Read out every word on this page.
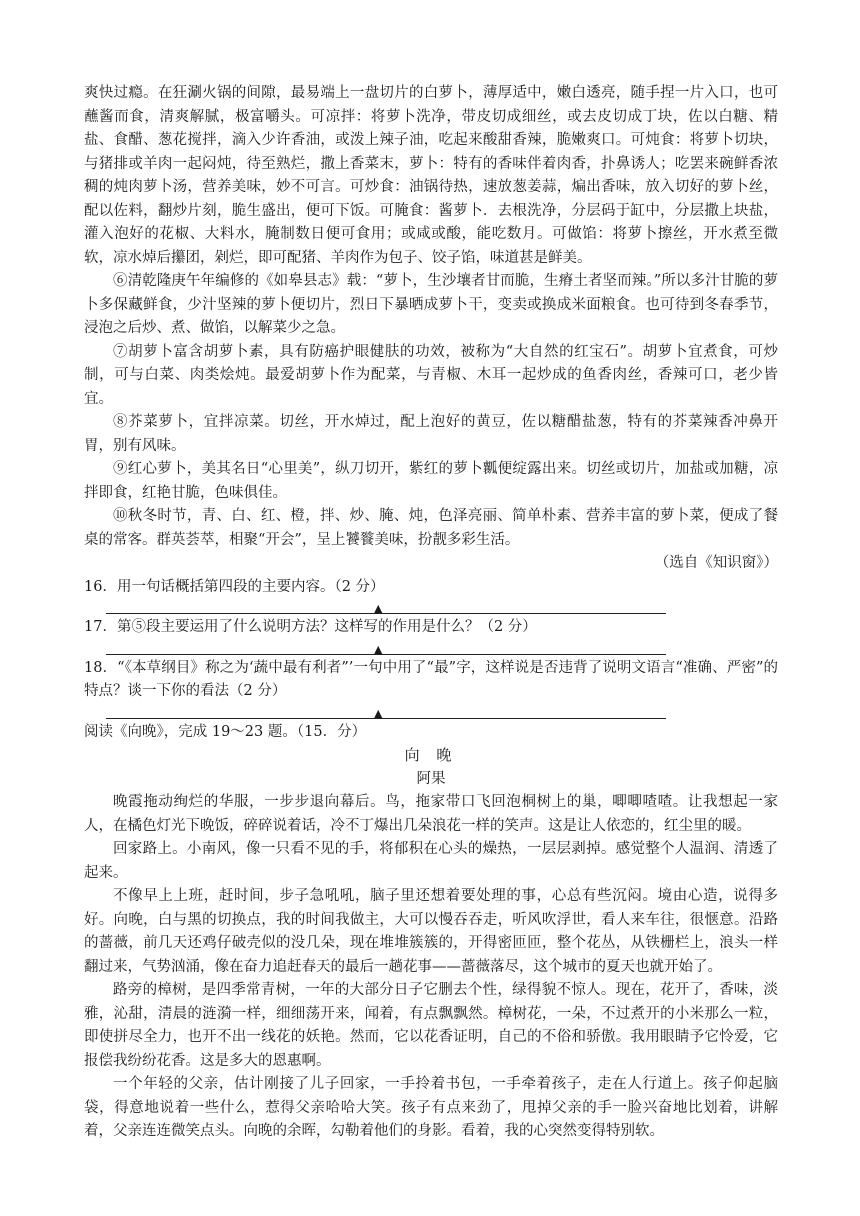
爽快过瘾。在狂涮火锅的间隙，最易端上一盘切片的白萝卜，薄厚适中，嫩白透亮，随手捏一片入口，也可蘸酱而食，清爽解腻，极富嚼头。可凉拌：将萝卜洗净，带皮切成细丝，或去皮切成丁块，佐以白糖、精盐、食醋、葱花搅拌，滴入少许香油，或泼上辣子油，吃起来酸甜香辣，脆嫩爽口。可炖食：将萝卜切块，与猪排或羊肉一起闷炖，待至熟烂，撒上香菜末，萝卜：特有的香味伴着肉香，扑鼻诱人；吃罢来碗鲜香浓稠的炖肉萝卜汤，营养美味，妙不可言。可炒食：油锅待热，速放葱姜蒜，煸出香味，放入切好的萝卜丝，配以佐料，翻炒片刻，脆生盛出，便可下饭。可腌食：酱萝卜．去根洗净，分层码于缸中，分层撒上块盐，灌入泡好的花椒、大料水，腌制数日便可食用；或咸或酸，能吃数月。可做馅：将萝卜擦丝，开水煮至微软，凉水焯后攥团，剁烂，即可配猪、羊肉作为包子、饺子馅，味道甚是鲜美。

⑥清乾隆庚午年编修的《如皋县志》载：“萝卜，生沙壤者甘而脆，生瘠土者坚而辣。”所以多汁甘脆的萝卜多保藏鲜食，少汁坚辣的萝卜便切片，烈日下暴晒成萝卜干，变卖或换成米面粮食。也可待到冬春季节，浸泡之后炒、煮、做馅，以解菜少之急。

⑦胡萝卜富含胡萝卜素，具有防癌护眼健肤的功效，被称为“大自然的红宝石”。胡萝卜宜煮食，可炒制，可与白菜、肉类烩炖。最爱胡萝卜作为配菜，与青椒、木耳一起炒成的鱼香肉丝，香辣可口，老少皆宜。

⑧芥菜萝卜，宜拌凉菜。切丝，开水焯过，配上泡好的黄豆，佐以糖醋盐葱，特有的芥菜辣香冲鼻开胃，别有风味。

⑨红心萝卜，美其名日“心里美”，纵刀切开，紫红的萝卜瓤便绽露出来。切丝或切片，加盐或加糖，凉拌即食，红艳甘脆，色味俱佳。

⑩秋冬时节，青、白、红、橙，拌、炒、腌、炖，色泽亮丽、简单朴素、营养丰富的萝卜菜，便成了餐桌的常客。群英荟萃，相聚“开会”，呈上饕餮美味，扮靓多彩生活。

（选自《知识窗》）

16．用一句话概括第四段的主要内容。（2 分）

▲

17．第⑤段主要运用了什么说明方法？这样写的作用是什么？（2 分）

▲

18．“《本草纲目》称之为‘蔬中最有利者”’一句中用了“最”字，这样说是否违背了说明文语言“准确、严密”的特点？谈一下你的看法（2 分）

▲

阅读《向晚》，完成 19～23 题。（15．分）

向 晚

阿果

晚霞拖动绚烂的华服，一步步退向幕后。鸟，拖家带口飞回泡桐树上的巢，唧唧喳喳。让我想起一家人，在橘色灯光下晚饭，碎碎说着话，冷不丁爆出几朵浪花一样的笑声。这是让人依恋的，红尘里的暖。

回家路上。小南风，像一只看不见的手，将郁积在心头的燥热，一层层剥掉。感觉整个人温润、清透了起来。

不像早上上班，赶时间，步子急吼吼，脑子里还想着要处理的事，心总有些沉闷。境由心造，说得多好。向晚，白与黑的切换点，我的时间我做主，大可以慢吞吞走，听风吹浮世，看人来车往，很惬意。沿路的蔷薇，前几天还鸡仔破壳似的没几朵，现在堆堆簇簇的，开得密匝匝，整个花丛，从铁栅栏上，浪头一样翻过来，气势汹涌，像在奋力追赶春天的最后一趟花事——蔷薇落尽，这个城市的夏天也就开始了。

路旁的樟树，是四季常青树，一年的大部分日子它删去个性，绿得貌不惊人。现在，花开了，香味，淡雅，沁甜，清晨的涟漪一样，细细荡开来，闻着，有点飘飘然。樟树花，一朵，不过煮开的小米那么一粒，即使拼尽全力，也开不出一线花的妖艳。然而，它以花香证明，自己的不俗和骄傲。我用眼睛予它怜爱，它报偿我纷纷花香。这是多大的恩惠啊。

一个年轻的父亲，估计刚接了儿子回家，一手拎着书包，一手牵着孩子，走在人行道上。孩子仰起脑袋，得意地说着一些什么，惹得父亲哈哈大笑。孩子有点来劲了，甩掉父亲的手一脸兴奋地比划着，讲解着，父亲连连微笑点头。向晚的余晖，勾勒着他们的身影。看着，我的心突然变得特别软。
